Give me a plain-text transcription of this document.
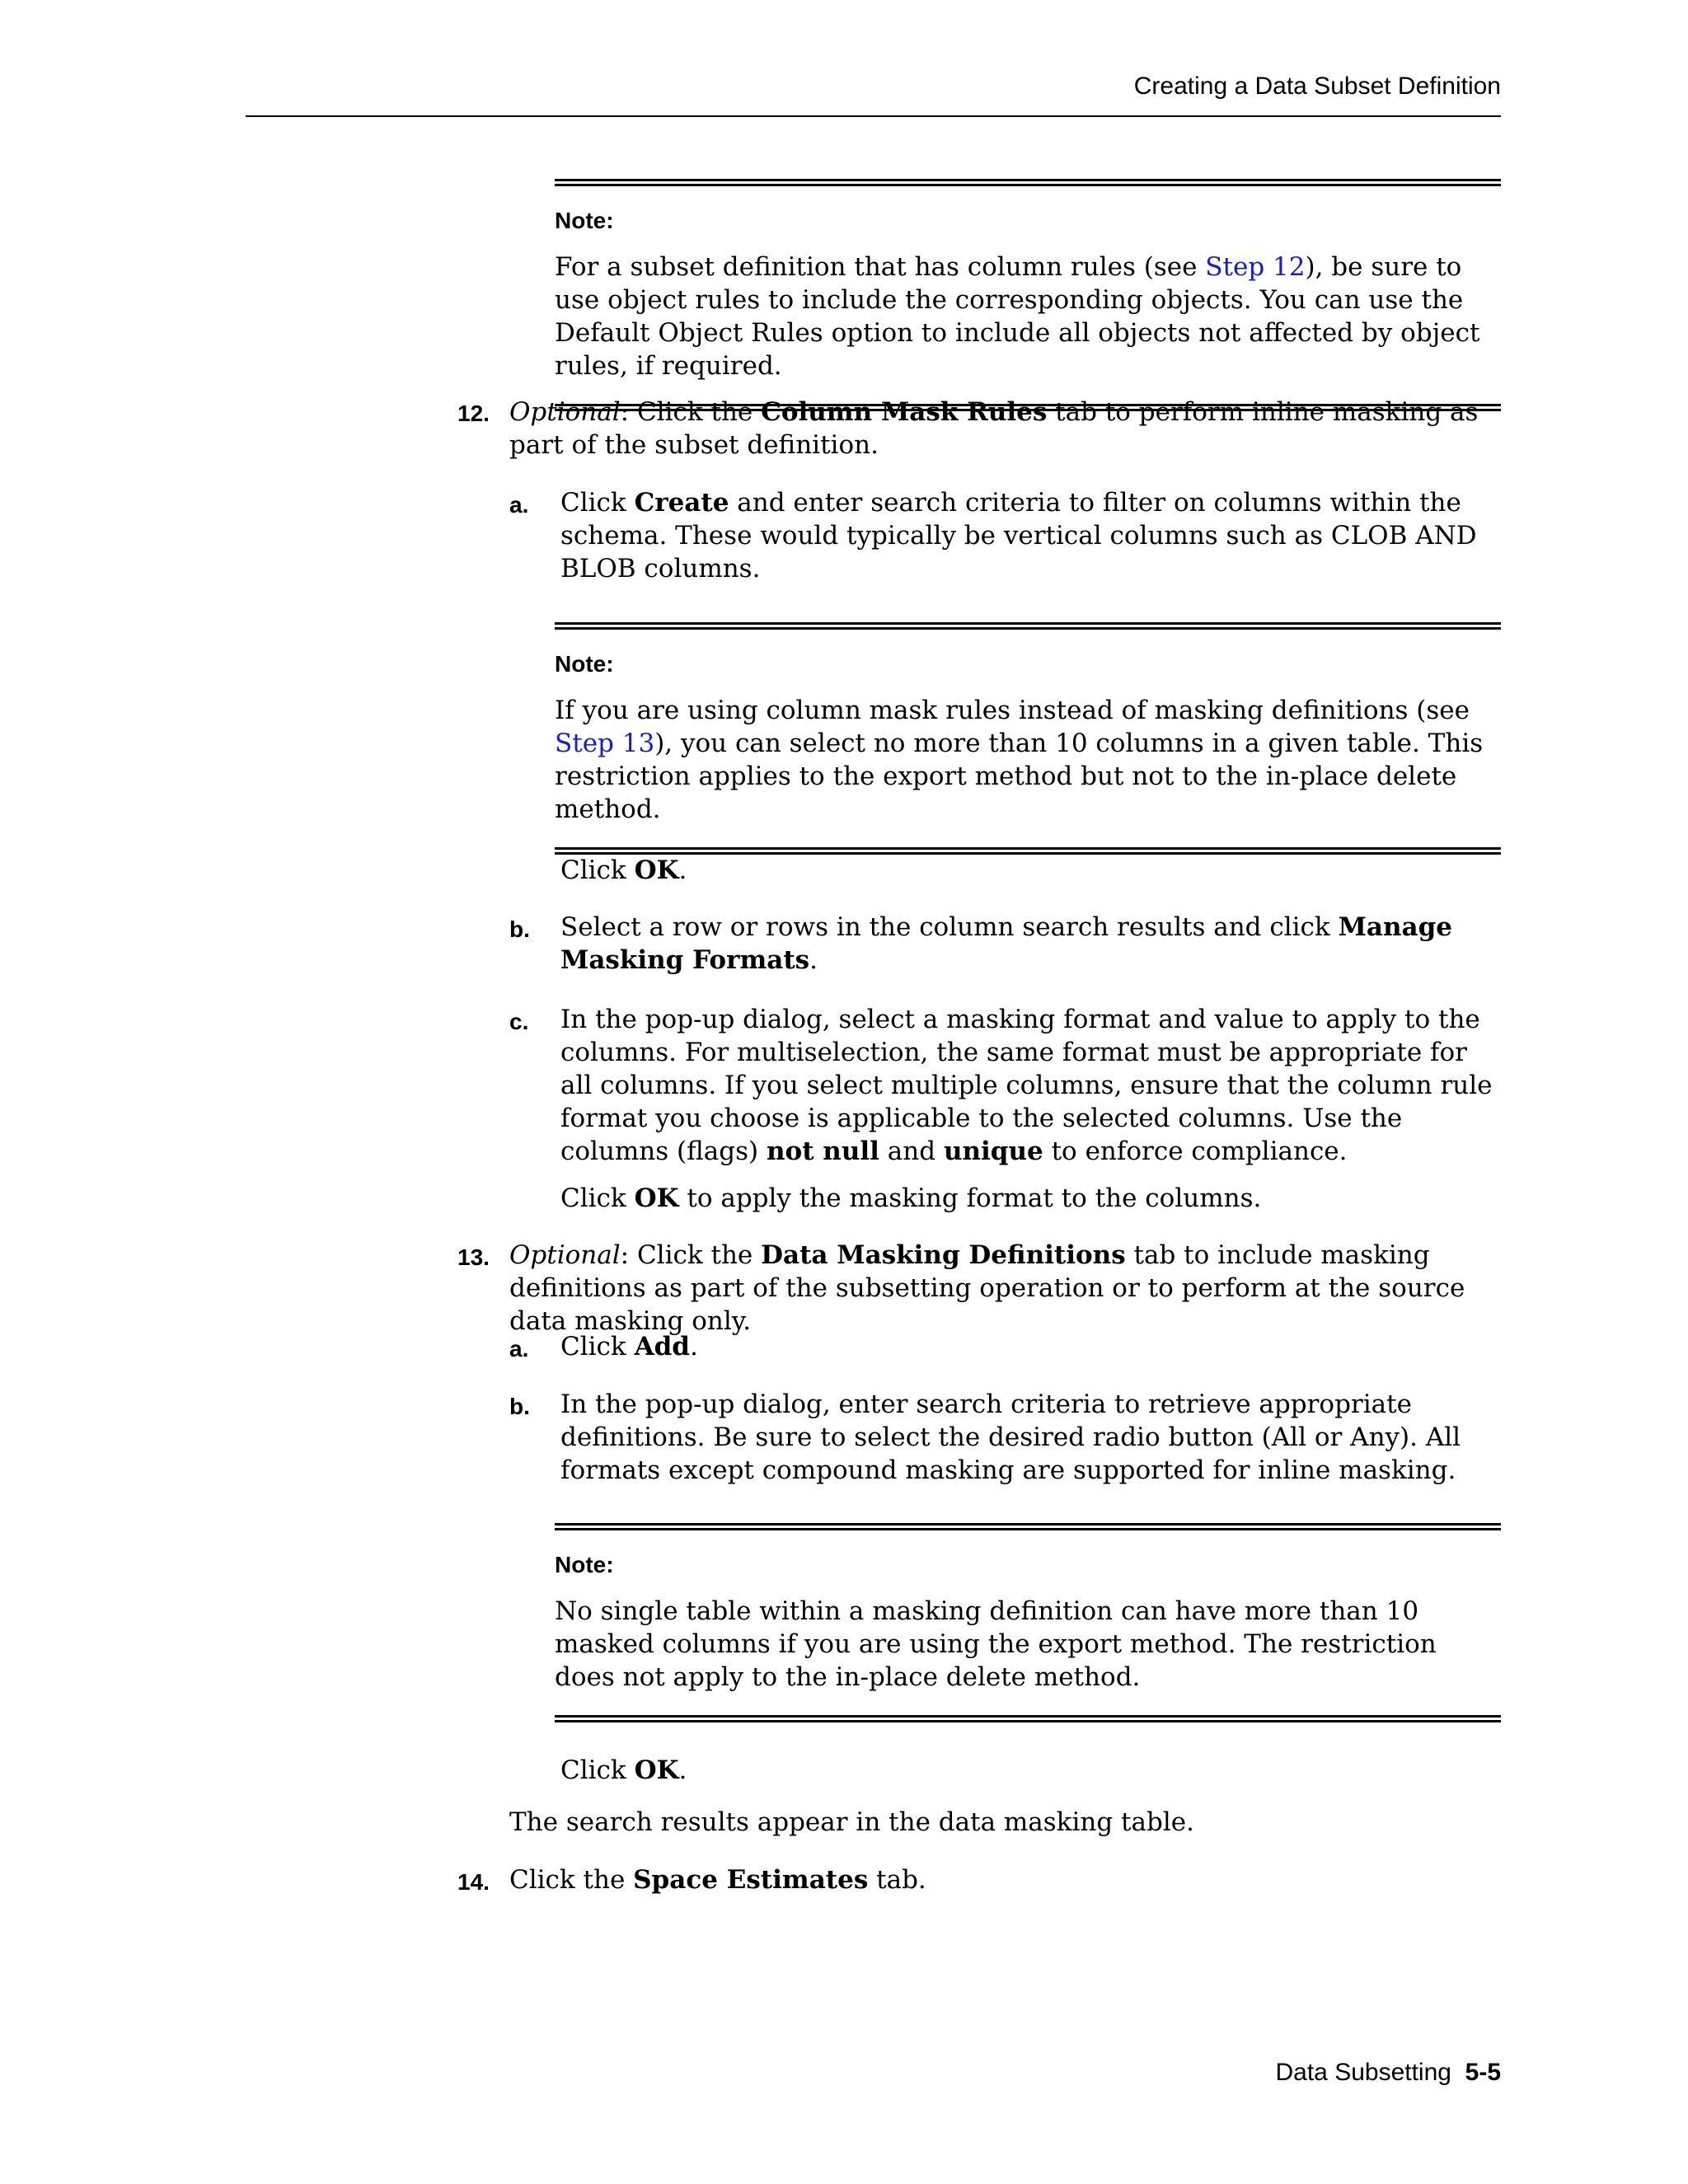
Creating a Data Subset Definition
Note:
For a subset definition that has column rules (see Step 12), be sure to use object rules to include the corresponding objects. You can use the Default Object Rules option to include all objects not affected by object rules, if required.
12. Optional: Click the Column Mask Rules tab to perform inline masking as part of the subset definition.
a. Click Create and enter search criteria to filter on columns within the schema. These would typically be vertical columns such as CLOB AND BLOB columns.
Note:
If you are using column mask rules instead of masking definitions (see Step 13), you can select no more than 10 columns in a given table. This restriction applies to the export method but not to the in-place delete method.
Click OK.
b. Select a row or rows in the column search results and click Manage Masking Formats.
c. In the pop-up dialog, select a masking format and value to apply to the columns. For multiselection, the same format must be appropriate for all columns. If you select multiple columns, ensure that the column rule format you choose is applicable to the selected columns. Use the columns (flags) not null and unique to enforce compliance.
Click OK to apply the masking format to the columns.
13. Optional: Click the Data Masking Definitions tab to include masking definitions as part of the subsetting operation or to perform at the source data masking only.
a. Click Add.
b. In the pop-up dialog, enter search criteria to retrieve appropriate definitions. Be sure to select the desired radio button (All or Any). All formats except compound masking are supported for inline masking.
Note:
No single table within a masking definition can have more than 10 masked columns if you are using the export method. The restriction does not apply to the in-place delete method.
Click OK.
The search results appear in the data masking table.
14. Click the Space Estimates tab.
Data Subsetting 5-5
